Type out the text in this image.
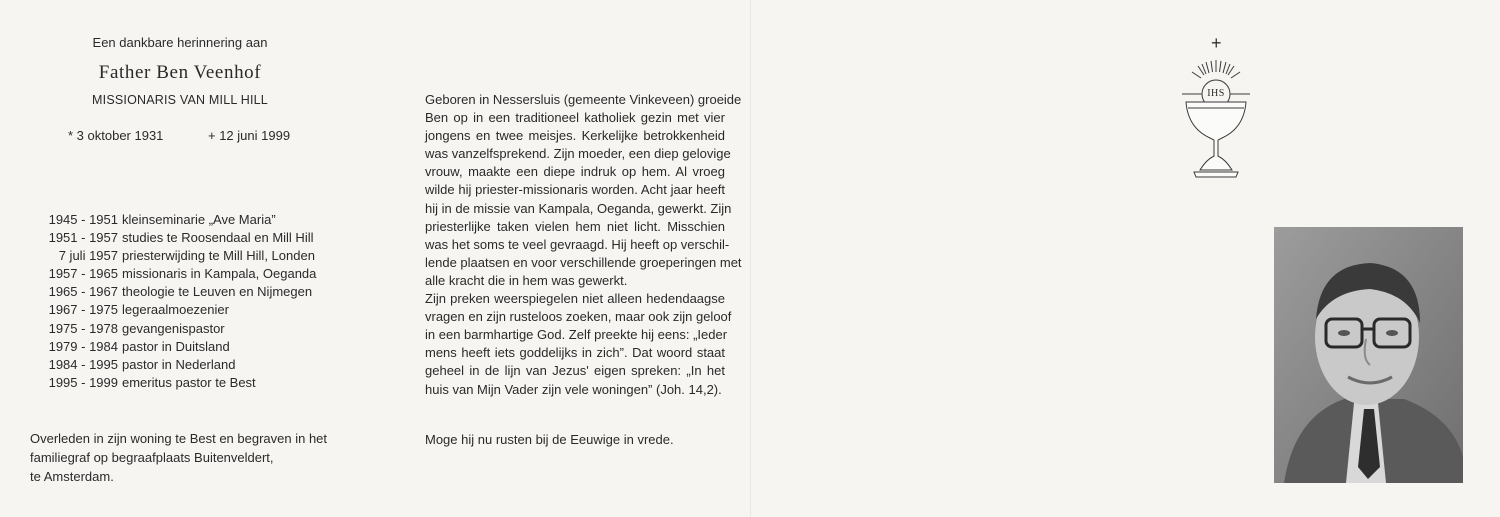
Een dankbare herinnering aan
Father Ben Veenhof
MISSIONARIS VAN MILL HILL
* 3 oktober 1931	+ 12 juni 1999
1945 - 1951 kleinseminarie „Ave Maria”
1951 - 1957 studies te Roosendaal en Mill Hill
7 juli 1957 priesterwijding te Mill Hill, Londen
1957 - 1965 missionaris in Kampala, Oeganda
1965 - 1967 theologie te Leuven en Nijmegen
1967 - 1975 legeraalmoezenier
1975 - 1978 gevangenispastor
1979 - 1984 pastor in Duitsland
1984 - 1995 pastor in Nederland
1995 - 1999 emeritus pastor te Best
Overleden in zijn woning te Best en begraven in het
familiegraf op begraafplaats Buitenveldert,
te Amsterdam.
Geboren in Nessersluis (gemeente Vinkeveen) groeide
Ben op in een traditioneel katholiek gezin met vier
jongens en twee meisjes. Kerkelijke betrokkenheid
was vanzelfsprekend. Zijn moeder, een diep gelovige
vrouw, maakte een diepe indruk op hem. Al vroeg
wilde hij priester-missionaris worden. Acht jaar heeft
hij in de missie van Kampala, Oeganda, gewerkt. Zijn
priesterlijke taken vielen hem niet licht. Misschien
was het soms te veel gevraagd. Hij heeft op verschil-
lende plaatsen en voor verschillende groeperingen met
alle kracht die in hem was gewerkt.
Zijn preken weerspiegelen niet alleen hedendaagse
vragen en zijn rusteloos zoeken, maar ook zijn geloof
in een barmhartige God. Zelf preekte hij eens: „Ieder
mens heeft iets goddelijks in zich”. Dat woord staat
geheel in de lijn van Jezus' eigen spreken: „In het
huis van Mijn Vader zijn vele woningen” (Joh. 14,2).
Moge hij nu rusten bij de Eeuwige in vrede.
+
IHS
